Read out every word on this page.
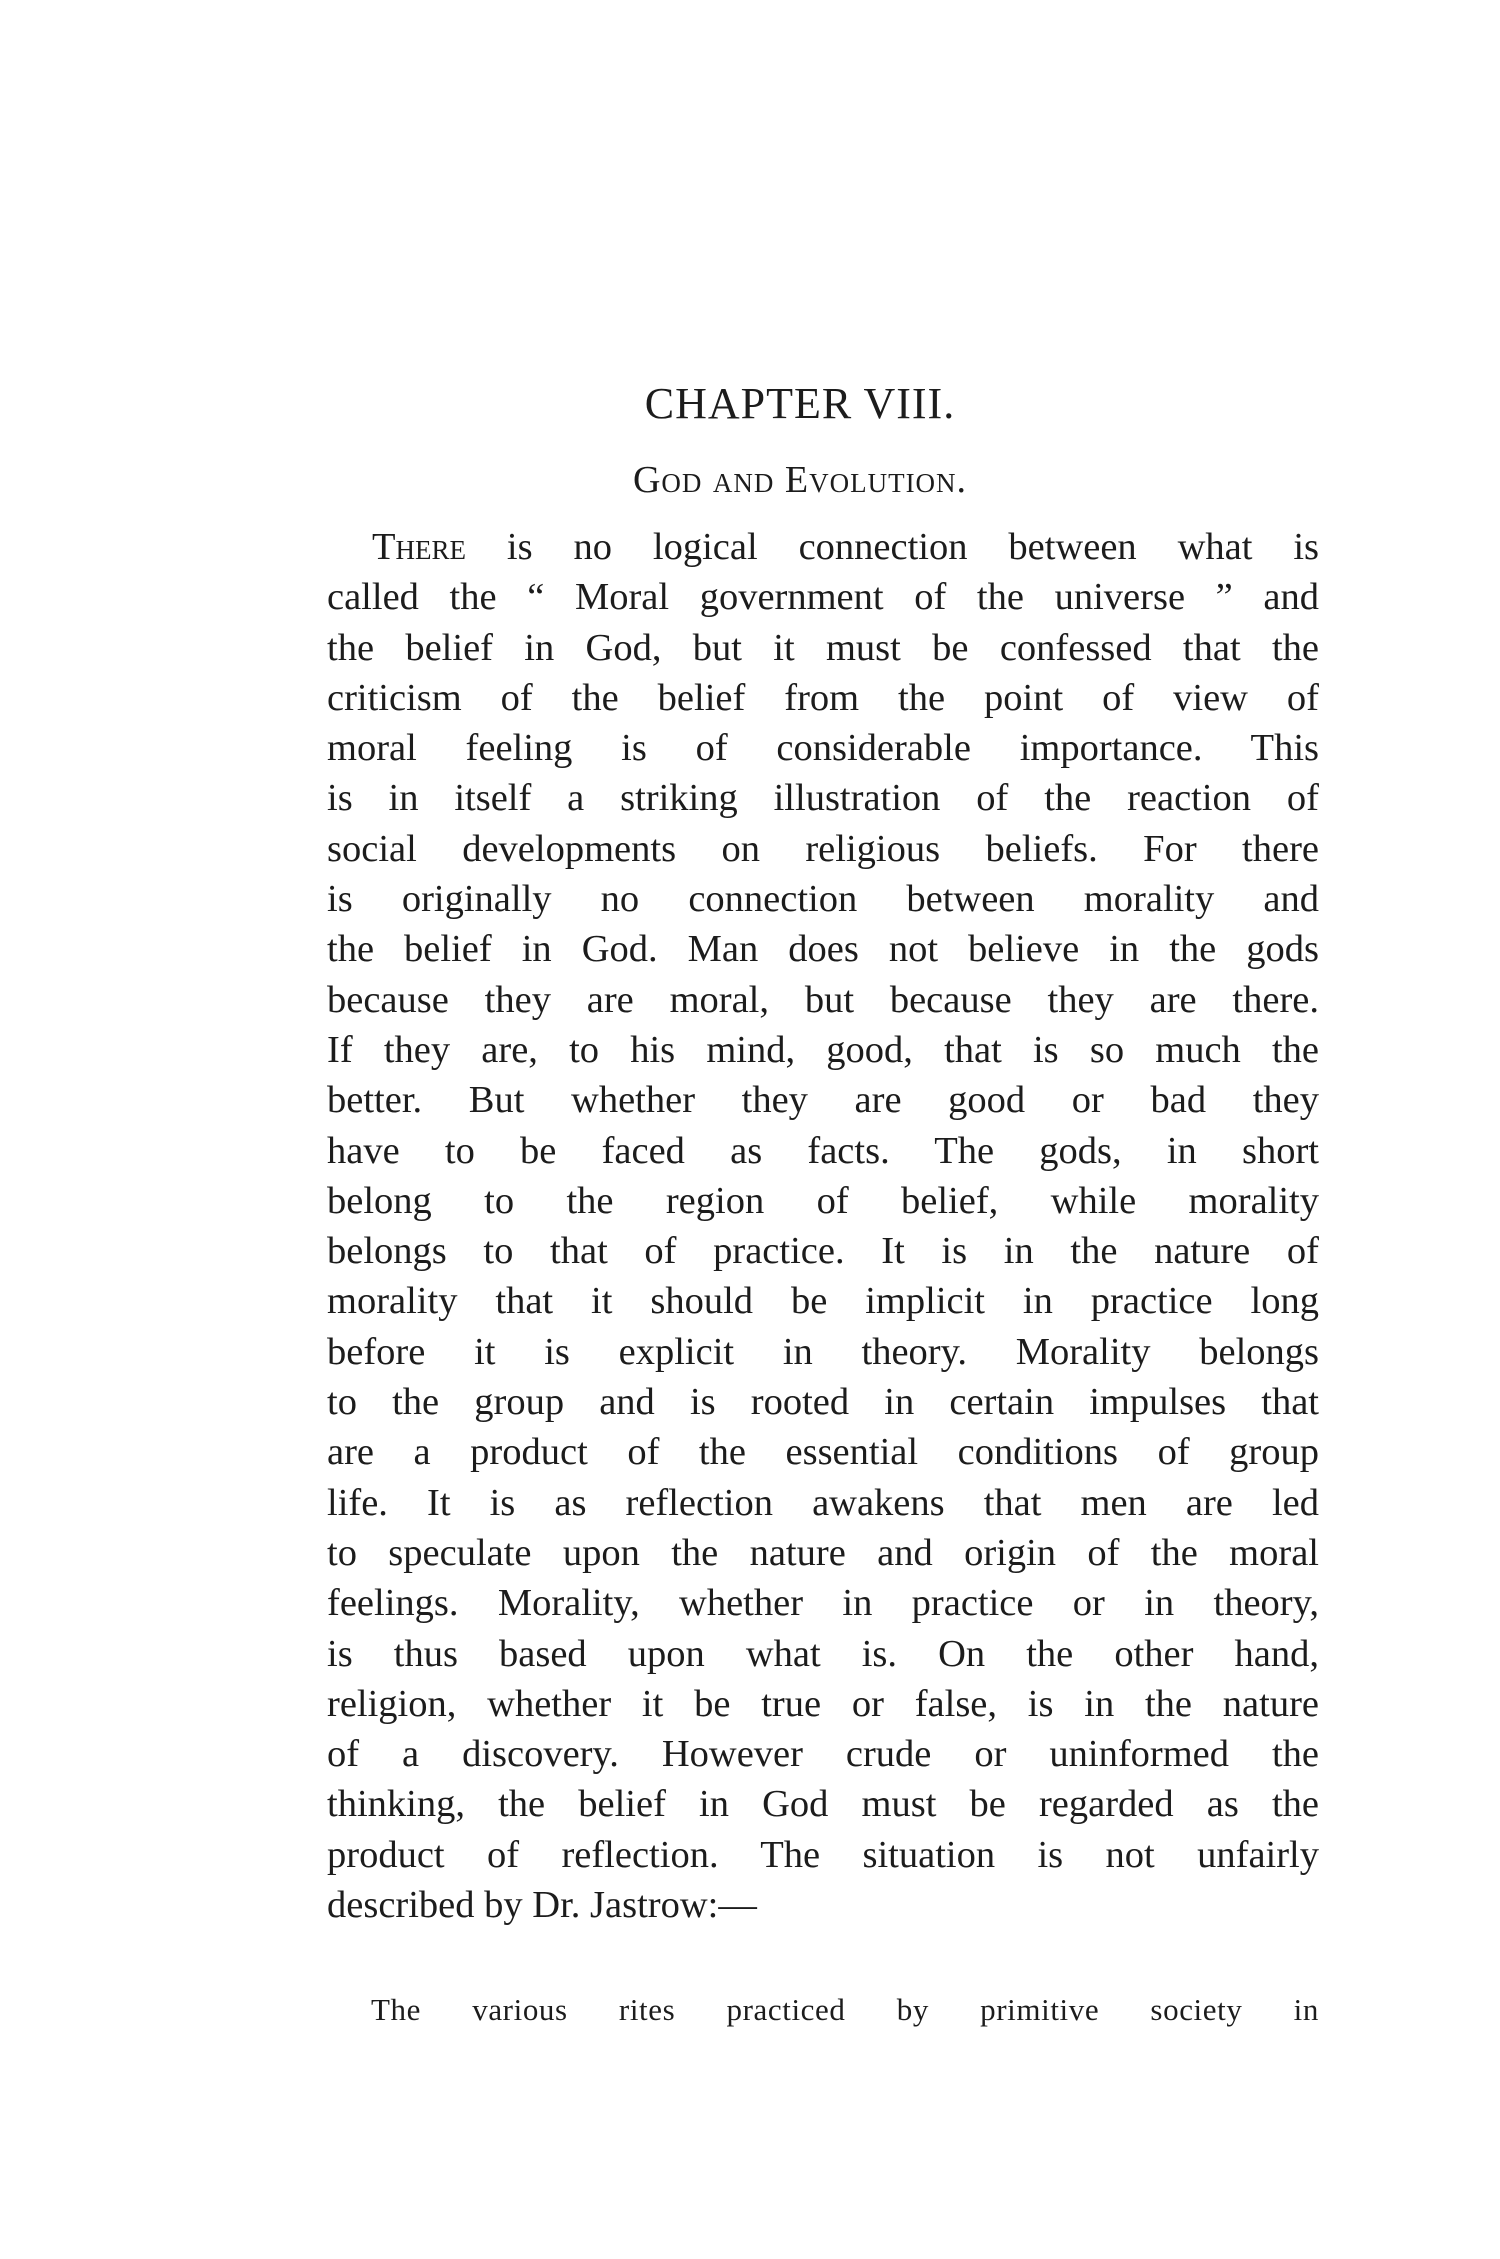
CHAPTER VIII.
God and Evolution.
There is no logical connection between what is
called the “ Moral government of the universe ” and
the belief in God, but it must be confessed that the
criticism of the belief from the point of view of
moral feeling is of considerable importance. This
is in itself a striking illustration of the reaction of
social developments on religious beliefs. For there
is originally no connection between morality and
the belief in God. Man does not believe in the gods
because they are moral, but because they are there.
If they are, to his mind, good, that is so much the
better. But whether they are good or bad they
have to be faced as facts. The gods, in short
belong to the region of belief, while morality
belongs to that of practice. It is in the nature of
morality that it should be implicit in practice long
before it is explicit in theory. Morality belongs
to the group and is rooted in certain impulses that
are a product of the essential conditions of group
life. It is as reflection awakens that men are led
to speculate upon the nature and origin of the moral
feelings. Morality, whether in practice or in theory,
is thus based upon what is. On the other hand,
religion, whether it be true or false, is in the nature
of a discovery. However crude or uninformed the
thinking, the belief in God must be regarded as the
product of reflection. The situation is not unfairly
described by Dr. Jastrow:—
The various rites practiced by primitive society in
